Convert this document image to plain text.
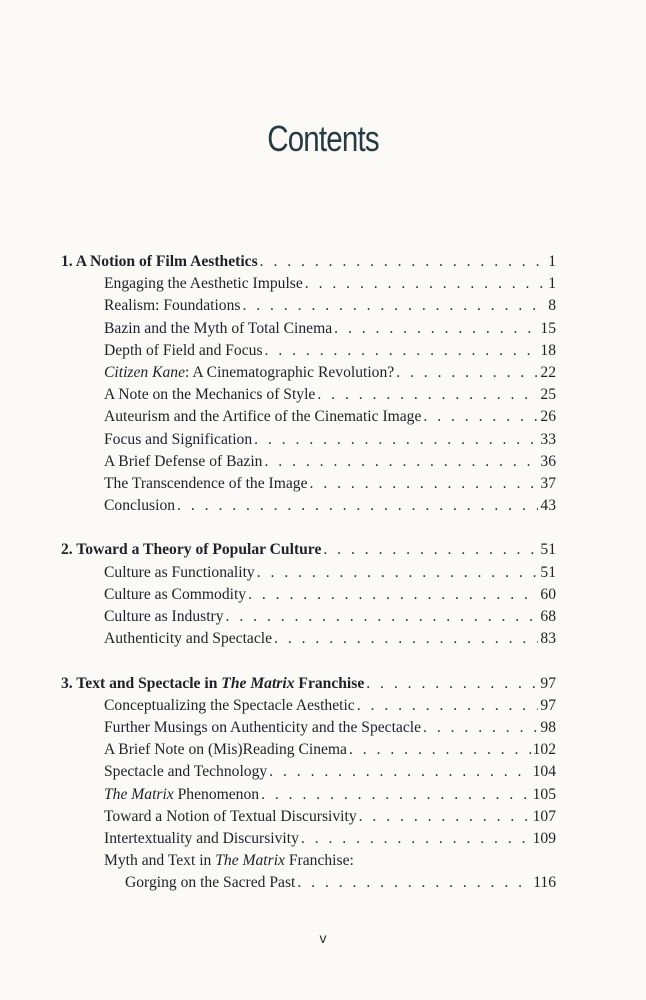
Contents
1. A Notion of Film Aesthetics . . .	1
Engaging the Aesthetic Impulse . . .	1
Realism: Foundations . . .	8
Bazin and the Myth of Total Cinema . . .	15
Depth of Field and Focus . . .	18
Citizen Kane: A Cinematographic Revolution? . . .	22
A Note on the Mechanics of Style . . .	25
Auteurism and the Artifice of the Cinematic Image . . .	26
Focus and Signification . . .	33
A Brief Defense of Bazin . . .	36
The Transcendence of the Image . . .	37
Conclusion . . .	43
2. Toward a Theory of Popular Culture . . .	51
Culture as Functionality . . .	51
Culture as Commodity . . .	60
Culture as Industry . . .	68
Authenticity and Spectacle . . .	83
3. Text and Spectacle in The Matrix Franchise . . .	97
Conceptualizing the Spectacle Aesthetic . . .	97
Further Musings on Authenticity and the Spectacle . . .	98
A Brief Note on (Mis)Reading Cinema . . .	102
Spectacle and Technology . . .	104
The Matrix Phenomenon . . .	105
Toward a Notion of Textual Discursivity . . .	107
Intertextuality and Discursivity . . .	109
Myth and Text in The Matrix Franchise:
Gorging on the Sacred Past . . .	116
v
